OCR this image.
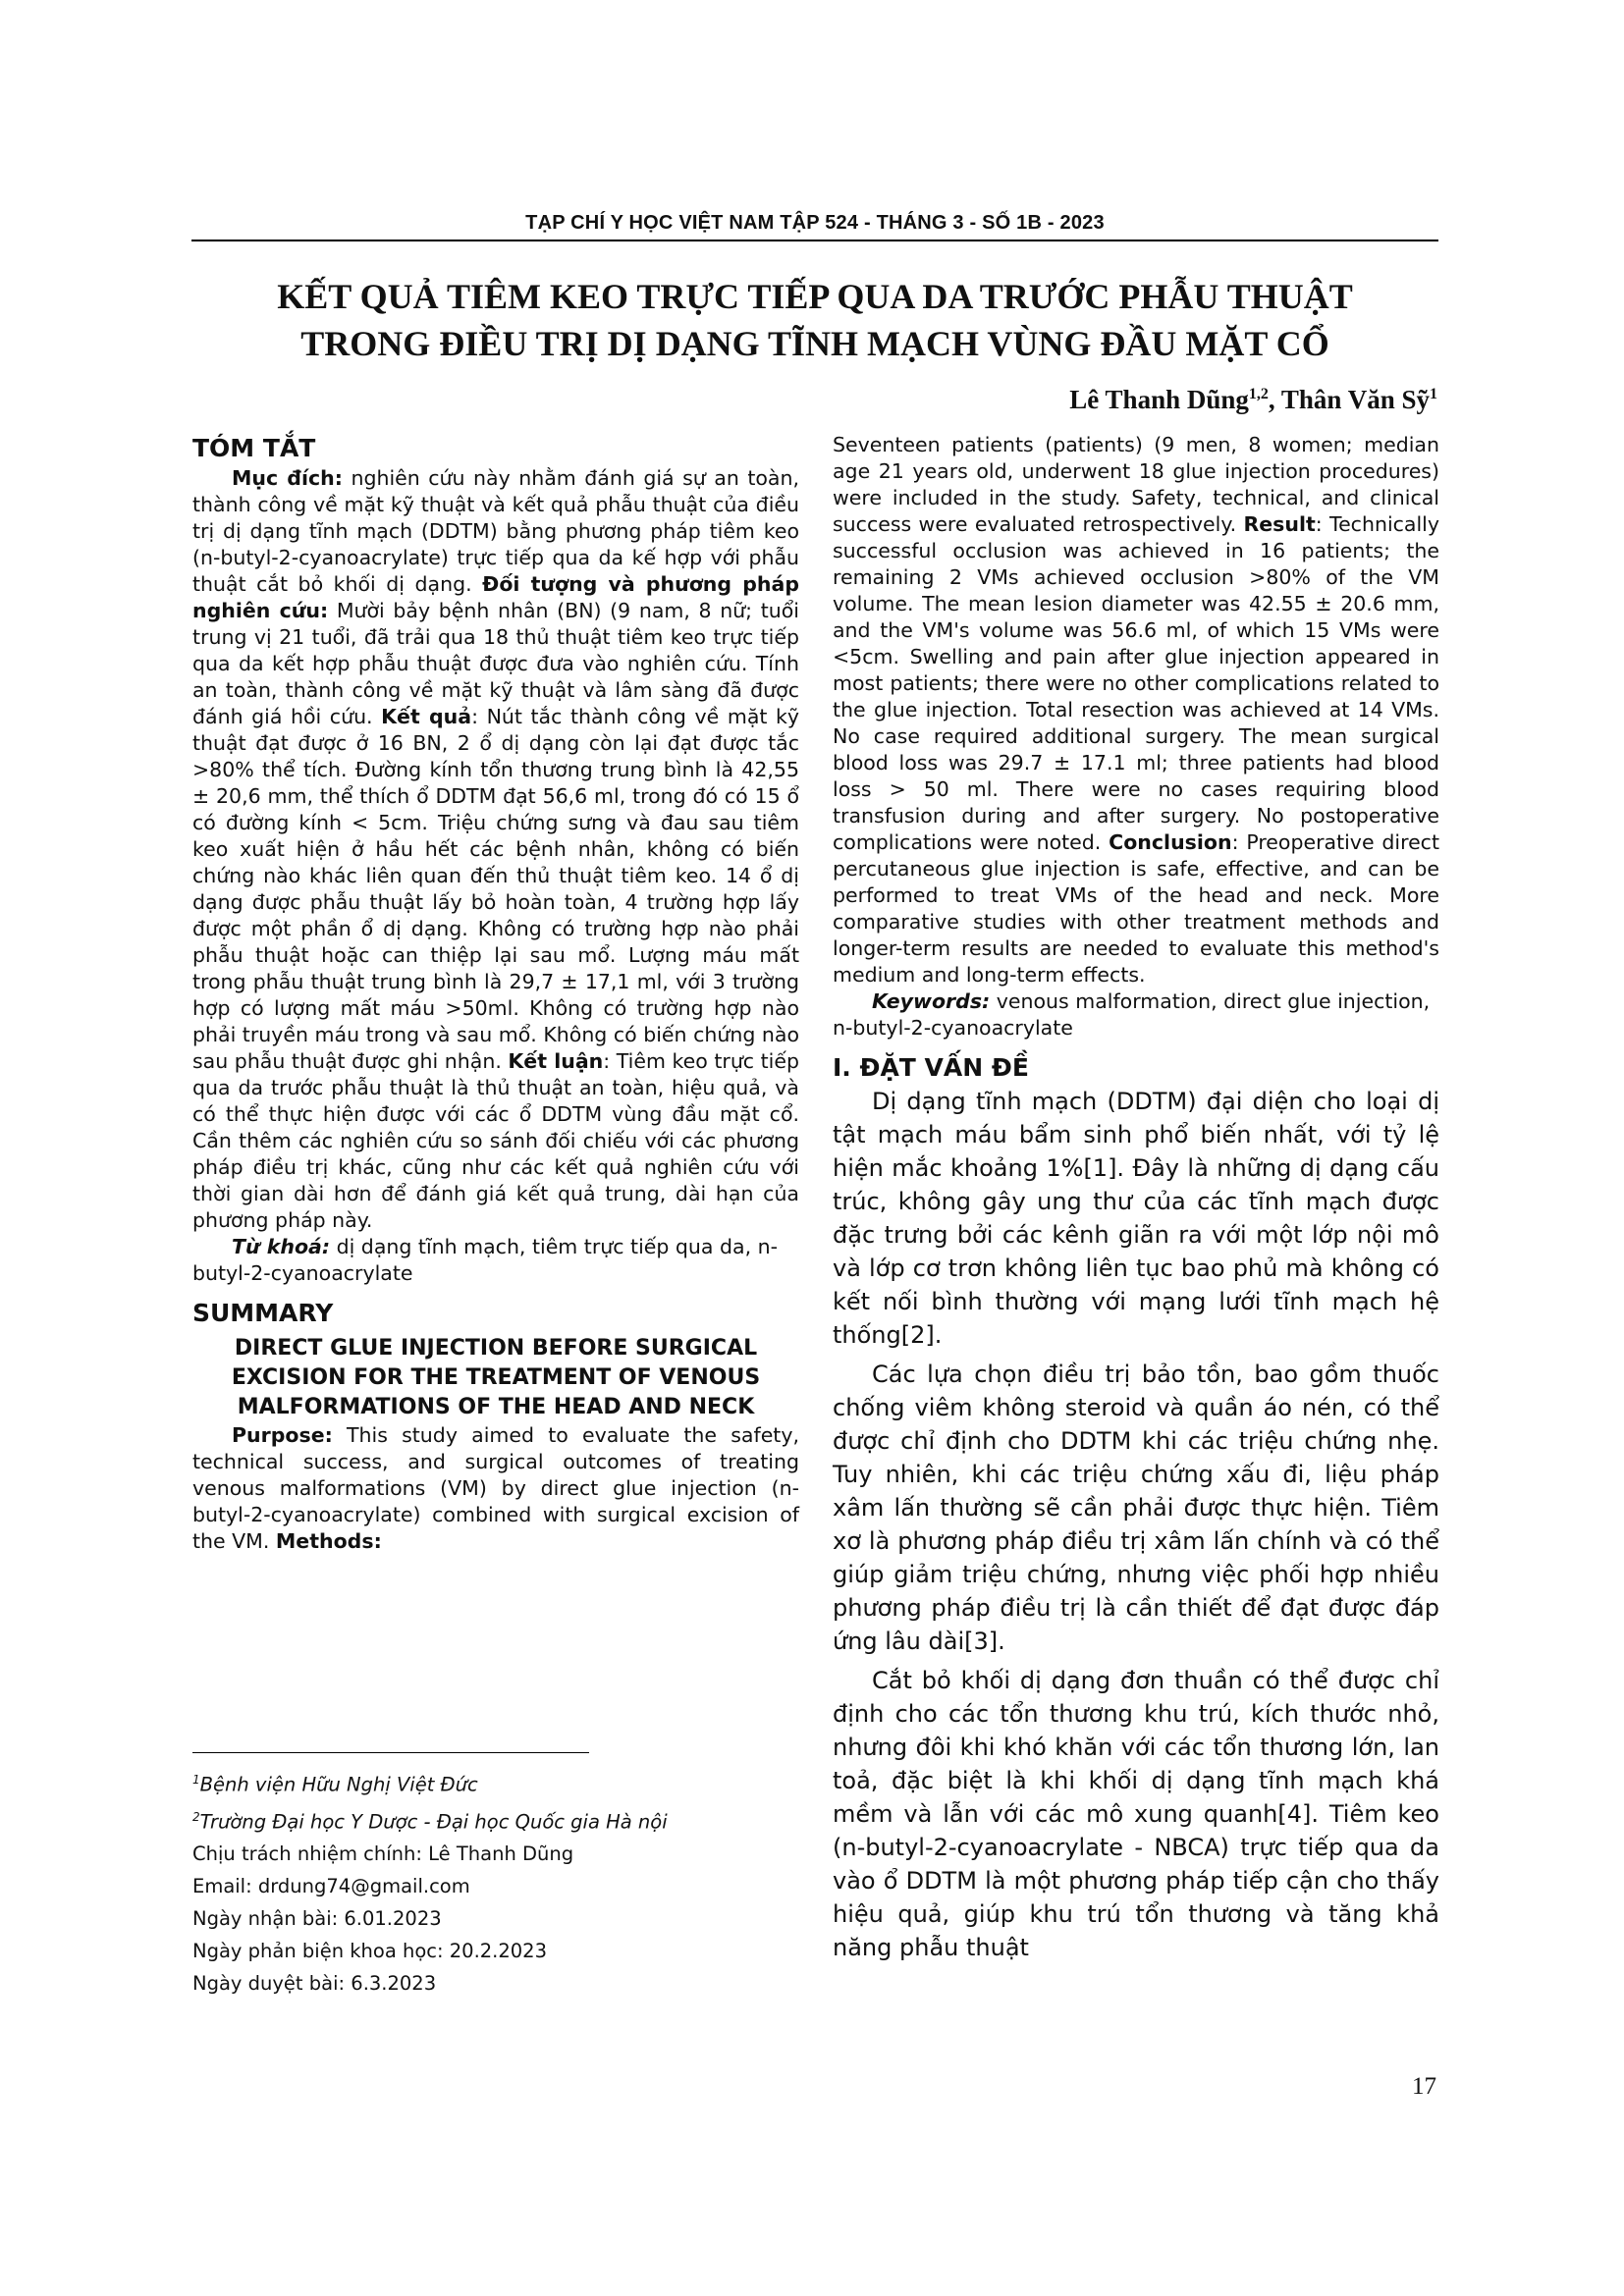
TẠP CHÍ Y HỌC VIỆT NAM TẬP 524 - THÁNG 3 - SỐ 1B - 2023
KẾT QUẢ TIÊM KEO TRỰC TIẾP QUA DA TRƯỚC PHẪU THUẬT
TRONG ĐIỀU TRỊ DỊ DẠNG TĨNH MẠCH VÙNG ĐẦU MẶT CỔ
Lê Thanh Dũng$^{1,2}$, Thân Văn Sỹ$^1$
TÓM TẮT

Mục đích: nghiên cứu này nhằm đánh giá sự an toàn, thành công về mặt kỹ thuật và kết quả phẫu thuật của điều trị dị dạng tĩnh mạch (DDTM) bằng phương pháp tiêm keo (n-butyl-2-cyanoacrylate) trực tiếp qua da kế hợp với phẫu thuật cắt bỏ khối dị dạng. Đối tượng và phương pháp nghiên cứu: Mười bảy bệnh nhân (BN) (9 nam, 8 nữ; tuổi trung vị 21 tuổi, đã trải qua 18 thủ thuật tiêm keo trực tiếp qua da kết hợp phẫu thuật được đưa vào nghiên cứu. Tính an toàn, thành công về mặt kỹ thuật và lâm sàng đã được đánh giá hồi cứu. Kết quả: Nút tắc thành công về mặt kỹ thuật đạt được ở 16 BN, 2 ổ dị dạng còn lại đạt được tắc >80% thể tích. Đường kính tổn thương trung bình là 42,55 ± 20,6 mm, thể thích ổ DDTM đạt 56,6 ml, trong đó có 15 ổ có đường kính < 5cm. Triệu chứng sưng và đau sau tiêm keo xuất hiện ở hầu hết các bệnh nhân, không có biến chứng nào khác liên quan đến thủ thuật tiêm keo. 14 ổ dị dạng được phẫu thuật lấy bỏ hoàn toàn, 4 trường hợp lấy được một phần ổ dị dạng. Không có trường hợp nào phải phẫu thuật hoặc can thiệp lại sau mổ. Lượng máu mất trong phẫu thuật trung bình là 29,7 ± 17,1 ml, với 3 trường hợp có lượng mất máu >50ml. Không có trường hợp nào phải truyền máu trong và sau mổ. Không có biến chứng nào sau phẫu thuật được ghi nhận. Kết luận: Tiêm keo trực tiếp qua da trước phẫu thuật là thủ thuật an toàn, hiệu quả, và có thể thực hiện được với các ổ DDTM vùng đầu mặt cổ. Cần thêm các nghiên cứu so sánh đối chiếu với các phương pháp điều trị khác, cũng như các kết quả nghiên cứu với thời gian dài hơn để đánh giá kết quả trung, dài hạn của phương pháp này.

Từ khoá: dị dạng tĩnh mạch, tiêm trực tiếp qua da, n-butyl-2-cyanoacrylate

SUMMARY
DIRECT GLUE INJECTION BEFORE SURGICAL EXCISION FOR THE TREATMENT OF VENOUS MALFORMATIONS OF THE HEAD AND NECK

Purpose: This study aimed to evaluate the safety, technical success, and surgical outcomes of treating venous malformations (VM) by direct glue injection (n-butyl-2-cyanoacrylate) combined with surgical excision of the VM. Methods:

$^1$Bệnh viện Hữu Nghị Việt Đức
$^2$Trường Đại học Y Dược - Đại học Quốc gia Hà nội
Chịu trách nhiệm chính: Lê Thanh Dũng
Email: drdung74@gmail.com
Ngày nhận bài: 6.01.2023
Ngày phản biện khoa học: 20.2.2023
Ngày duyệt bài: 6.3.2023

Seventeen patients (patients) (9 men, 8 women; median age 21 years old, underwent 18 glue injection procedures) were included in the study. Safety, technical, and clinical success were evaluated retrospectively. Result: Technically successful occlusion was achieved in 16 patients; the remaining 2 VMs achieved occlusion >80% of the VM volume. The mean lesion diameter was 42.55 ± 20.6 mm, and the VM's volume was 56.6 ml, of which 15 VMs were <5cm. Swelling and pain after glue injection appeared in most patients; there were no other complications related to the glue injection. Total resection was achieved at 14 VMs. No case required additional surgery. The mean surgical blood loss was 29.7 ± 17.1 ml; three patients had blood loss > 50 ml. There were no cases requiring blood transfusion during and after surgery. No postoperative complications were noted. Conclusion: Preoperative direct percutaneous glue injection is safe, effective, and can be performed to treat VMs of the head and neck. More comparative studies with other treatment methods and longer-term results are needed to evaluate this method's medium and long-term effects.

Keywords: venous malformation, direct glue injection, n-butyl-2-cyanoacrylate

I. ĐẶT VẤN ĐỀ

Dị dạng tĩnh mạch (DDTM) đại diện cho loại dị tật mạch máu bẩm sinh phổ biến nhất, với tỷ lệ hiện mắc khoảng 1%[1]. Đây là những dị dạng cấu trúc, không gây ung thư của các tĩnh mạch được đặc trưng bởi các kênh giãn ra với một lớp nội mô và lớp cơ trơn không liên tục bao phủ mà không có kết nối bình thường với mạng lưới tĩnh mạch hệ thống[2].

Các lựa chọn điều trị bảo tồn, bao gồm thuốc chống viêm không steroid và quần áo nén, có thể được chỉ định cho DDTM khi các triệu chứng nhẹ. Tuy nhiên, khi các triệu chứng xấu đi, liệu pháp xâm lấn thường sẽ cần phải được thực hiện. Tiêm xơ là phương pháp điều trị xâm lấn chính và có thể giúp giảm triệu chứng, nhưng việc phối hợp nhiều phương pháp điều trị là cần thiết để đạt được đáp ứng lâu dài[3].

Cắt bỏ khối dị dạng đơn thuần có thể được chỉ định cho các tổn thương khu trú, kích thước nhỏ, nhưng đôi khi khó khăn với các tổn thương lớn, lan toả, đặc biệt là khi khối dị dạng tĩnh mạch khá mềm và lẫn với các mô xung quanh[4]. Tiêm keo (n-butyl-2-cyanoacrylate - NBCA) trực tiếp qua da vào ổ DDTM là một phương pháp tiếp cận cho thấy hiệu quả, giúp khu trú tổn thương và tăng khả năng phẫu thuật

17
